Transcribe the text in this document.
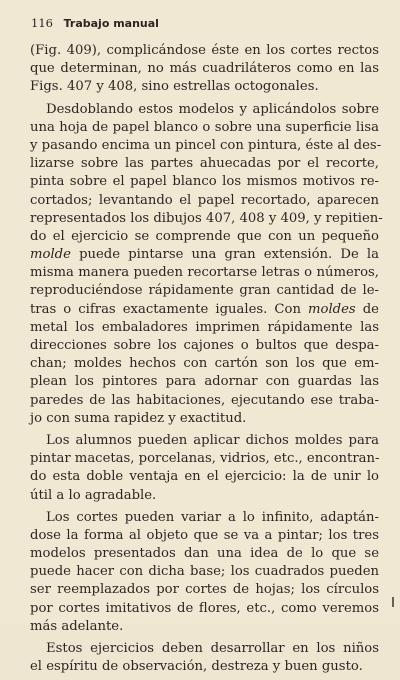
116 Trabajo manual
(Fig. 409), complicándose éste en los cortes rectos
que determinan, no más cuadriláteros como en las
Figs. 407 y 408, sino estrellas octogonales.
Desdoblando estos modelos y aplicándolos sobre
una hoja de papel blanco o sobre una superficie lisa
y pasando encima un pincel con pintura, éste al des-
lizarse sobre las partes ahuecadas por el recorte,
pinta sobre el papel blanco los mismos motivos re-
cortados; levantando el papel recortado, aparecen
representados los dibujos 407, 408 y 409, y repitien-
do el ejercicio se comprende que con un pequeño
molde puede pintarse una gran extensión. De la
misma manera pueden recortarse letras o números,
reproduciéndose rápidamente gran cantidad de le-
tras o cifras exactamente iguales. Con moldes de
metal los embaladores imprimen rápidamente las
direcciones sobre los cajones o bultos que despa-
chan; moldes hechos con cartón son los que em-
plean los pintores para adornar con guardas las
paredes de las habitaciones, ejecutando ese traba-
jo con suma rapidez y exactitud.
Los alumnos pueden aplicar dichos moldes para
pintar macetas, porcelanas, vidrios, etc., encontran-
do esta doble ventaja en el ejercicio: la de unir lo
útil a lo agradable.
Los cortes pueden variar a lo infinito, adaptán-
dose la forma al objeto que se va a pintar; los tres
modelos presentados dan una idea de lo que se
puede hacer con dicha base; los cuadrados pueden
ser reemplazados por cortes de hojas; los círculos
por cortes imitativos de flores, etc., como veremos
más adelante.
Estos ejercicios deben desarrollar en los niños
el espíritu de observación, destreza y buen gusto.
